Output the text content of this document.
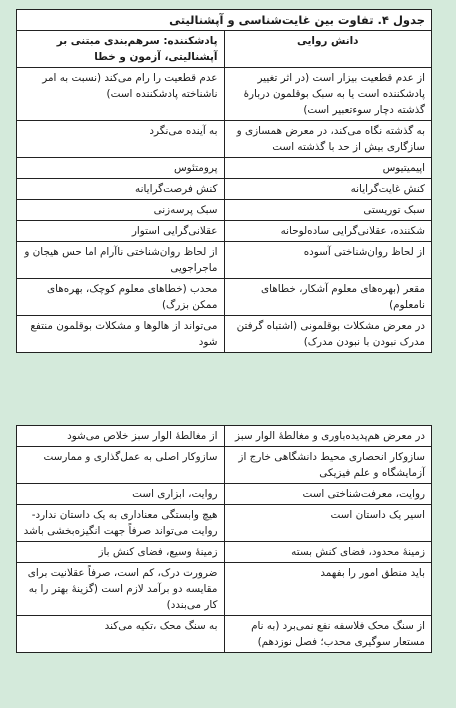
جدول ۴. تفاوت بین غایت‌شناسی و آپشنالیتی	
دانش روایی	پادشکننده: سرهم‌بندی مبتنی بر آپشنالیتی، آزمون و خطا
از عدم قطعیت بیزار است (در اثر تغییر پادشکننده است یا به سبک بوقلمون دربارهٔ گذشته دچار سوءتعبیر است)	عدم قطعیت را رام می‌کند (نسبت به امر ناشناخته پادشکننده است)
به گذشته نگاه می‌کند، در معرض همسازی و سازگاری بیش از حد با گذشته است	به آینده می‌نگرد
اپیمیتیوس	پرومتئوس
کنش غایت‌گرایانه	کنش فرصت‌گرایانه
سبک توریستی	سبک پرسه‌زنی
شکننده، عقلانی‌گرایی ساده‌لوحانه	عقلانی‌گرایی استوار
از لحاظ روان‌شناختی آسوده	از لحاظ روان‌شناختی ناآرام اما حس هیجان و ماجراجویی
مقعر (بهره‌های معلوم آشکار، خطاهای نامعلوم)	محدب (خطاهای معلوم کوچک، بهره‌های ممکن بزرگ)
در معرض مشکلات بوقلمونی (اشتباه گرفتن مدرک نبودن با نبودن مدرک)	می‌تواند از هالوها و مشکلات بوقلمون منتفع شود
در معرض هم‌پدیده‌باوری و مغالطهٔ الوار سبز	از مغالطهٔ الوار سبز خلاص می‌شود
سازوکار انحصاری محیط دانشگاهی خارج از آزمایشگاه و علم فیزیکی	سازوکار اصلی به عمل‌گذاری و ممارست
روایت، معرفت‌شناختی است	روایت، ابزاری است
اسیر یک داستان است	هیچ وابستگی معناداری به یک داستان ندارد- روایت می‌تواند صرفاً جهت انگیزه‌بخشی باشد
زمینهٔ محدود، فضای کنش بسته	زمینهٔ وسیع، فضای کنش باز
باید منطق امور را بفهمد	ضرورت درک، کم است، صرفاً عقلانیت برای مقایسه دو برآمد لازم است (گزینهٔ بهتر را به کار می‌بندد)
از سنگ محک فلاسفه نفع نمی‌برد (به نام مستعار سوگیری محدب؛ فصل نوزدهم)	به سنگ محک ،تکیه می‌کند
